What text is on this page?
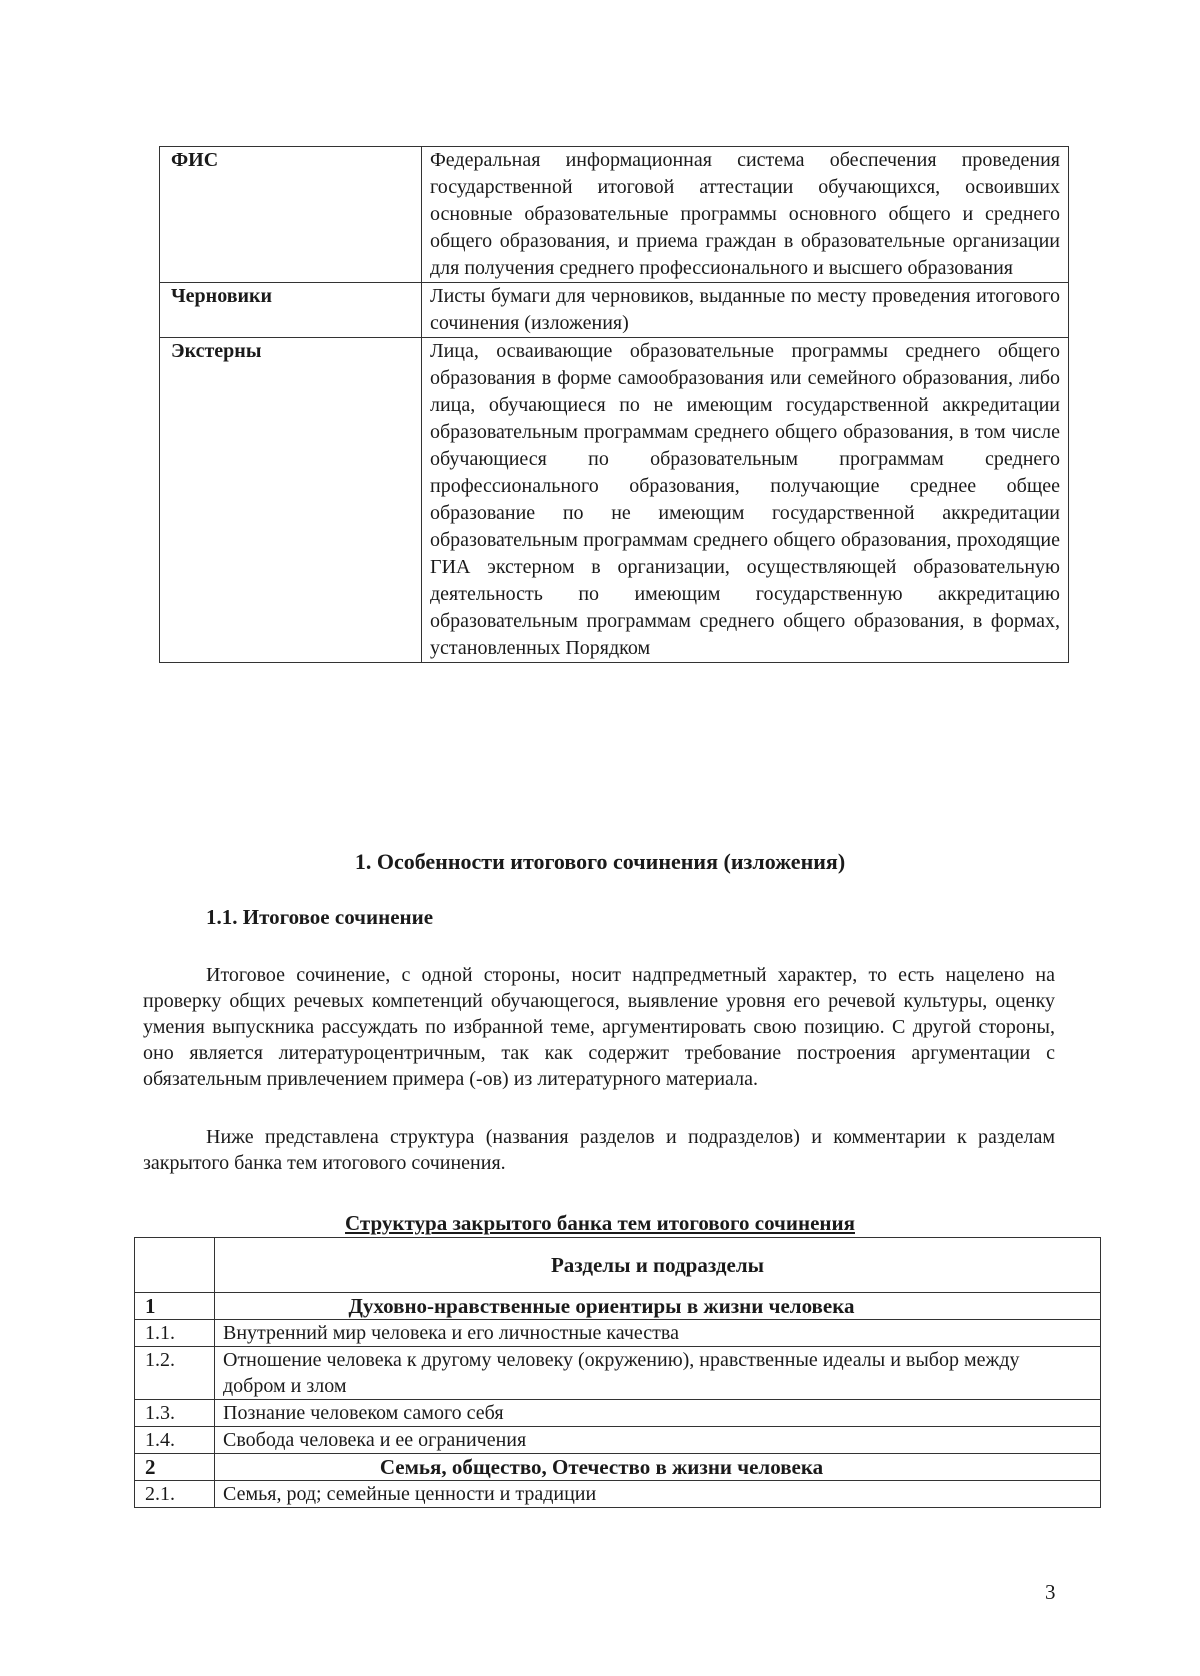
ФИС	Федеральная информационная система обеспечения проведения государственной итоговой аттестации обучающихся, освоивших основные образовательные программы основного общего и среднего общего образования, и приема граждан в образовательные организации для получения среднего профессионального и высшего образования
Черновики	Листы бумаги для черновиков, выданные по месту проведения итогового сочинения (изложения)
Экстерны	Лица, осваивающие образовательные программы среднего общего образования в форме самообразования или семейного образования, либо лица, обучающиеся по не имеющим государственной аккредитации образовательным программам среднего общего образования, в том числе обучающиеся по образовательным программам среднего профессионального образования, получающие среднее общее образование по не имеющим государственной аккредитации образовательным программам среднего общего образования, проходящие ГИА экстерном в организации, осуществляющей образовательную деятельность по имеющим государственную аккредитацию образовательным программам среднего общего образования, в формах, установленных Порядком
1. Особенности итогового сочинения (изложения)
1.1. Итоговое сочинение

Итоговое сочинение, с одной стороны, носит надпредметный характер, то есть нацелено на проверку общих речевых компетенций обучающегося, выявление уровня его речевой культуры, оценку умения выпускника рассуждать по избранной теме, аргументировать свою позицию. С другой стороны, оно является литературоцентричным, так как содержит требование построения аргументации с обязательным привлечением примера (-ов) из литературного материала.

Ниже представлена структура (названия разделов и подразделов) и комментарии к разделам закрытого банка тем итогового сочинения.

Структура закрытого банка тем итогового сочинения

	Разделы и подразделы
1	Духовно-нравственные ориентиры в жизни человека
1.1.	Внутренний мир человека и его личностные качества
1.2.	Отношение человека к другому человеку (окружению), нравственные идеалы и выбор между добром и злом
1.3.	Познание человеком самого себя
1.4.	Свобода человека и ее ограничения
2	Семья, общество, Отечество в жизни человека
2.1.	Семья, род; семейные ценности и традиции

3
